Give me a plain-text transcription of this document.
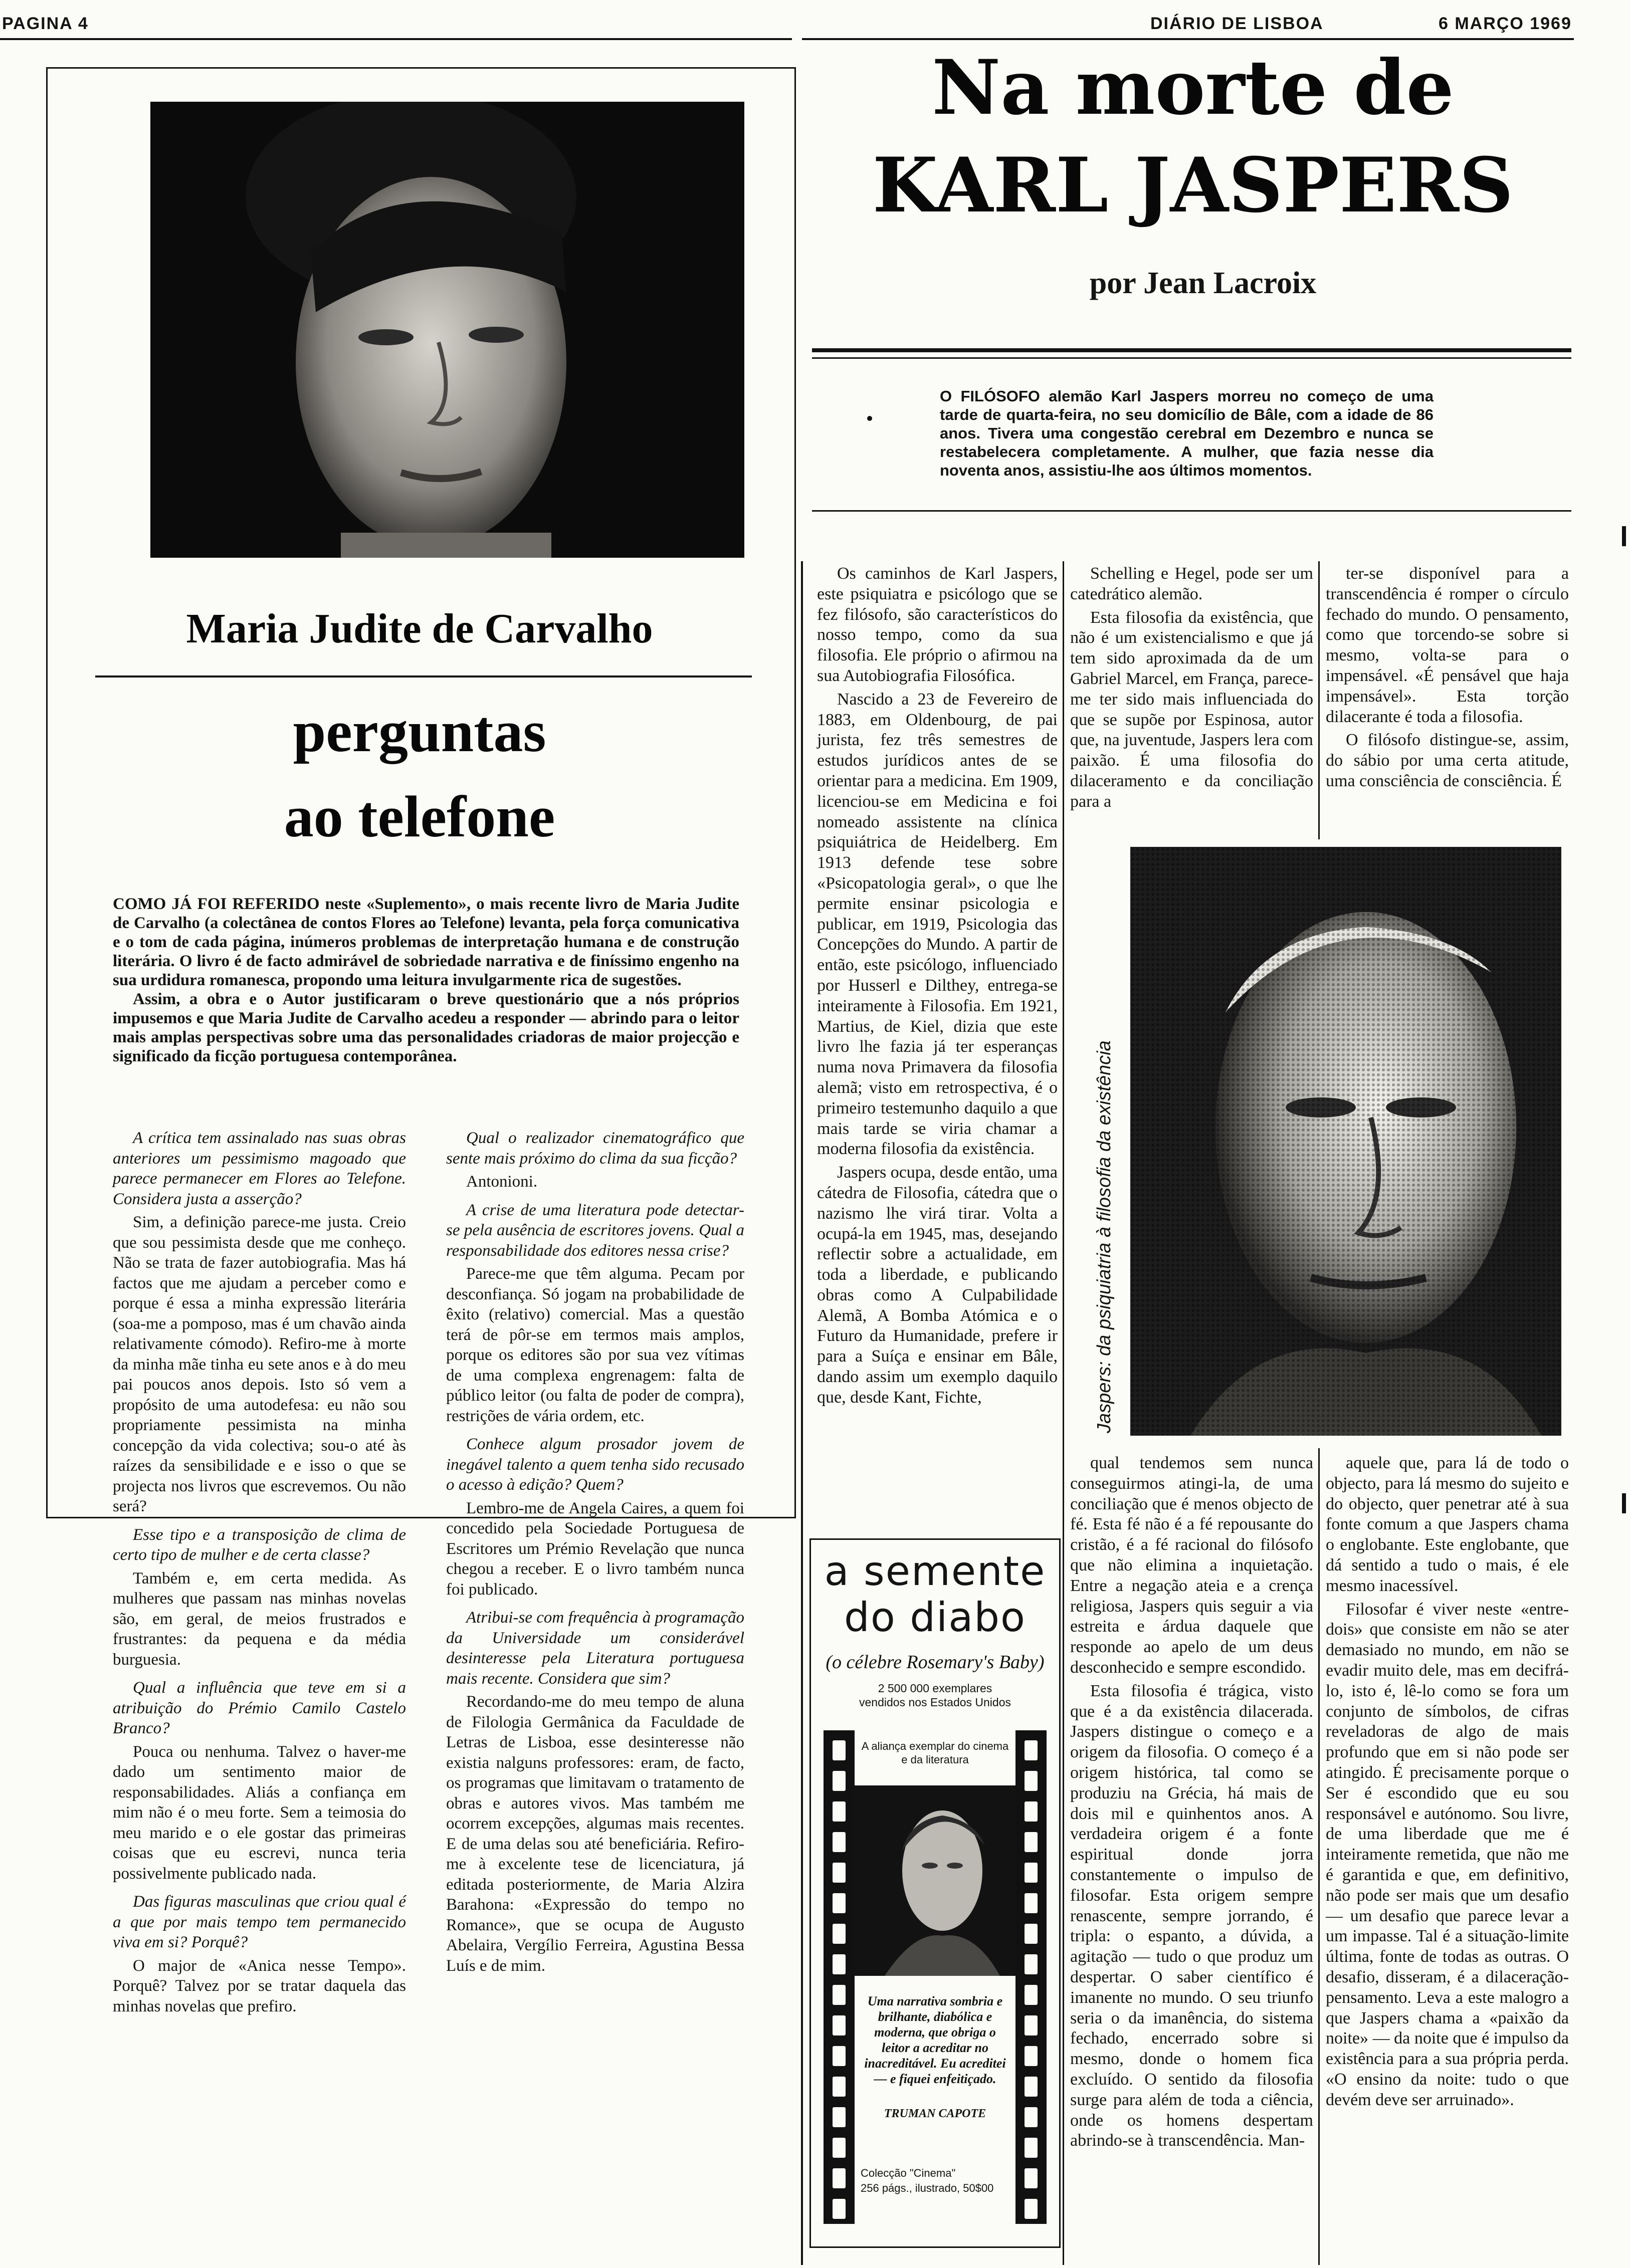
PAGINA 4	DIÁRIO DE LISBOA	6 MARÇO 1969
Maria Judite de Carvalho
perguntas
ao telefone

COMO JÁ FOI REFERIDO neste «Suplemento», o mais recente livro de Maria Judite de Carvalho (a colectânea de contos Flores ao Telefone) levanta, pela força comunicativa e o tom de cada página, inúmeros problemas de interpretação humana e de construção literária. O livro é de facto admirável de sobriedade narrativa e de finíssimo engenho na sua urdidura romanesca, propondo uma leitura invulgarmente rica de sugestões.

Assim, a obra e o Autor justificaram o breve questionário que a nós próprios impusemos e que Maria Judite de Carvalho acedeu a responder — abrindo para o leitor mais amplas perspectivas sobre uma das personalidades criadoras de maior projecção e significado da ficção portuguesa contemporânea.

A crítica tem assinalado nas suas obras anteriores um pessimismo magoado que parece permanecer em Flores ao Telefone. Considera justa a asserção?

Sim, a definição parece-me justa. Creio que sou pessimista desde que me conheço. Não se trata de fazer autobiografia. Mas há factos que me ajudam a perceber como e porque é essa a minha expressão literária (soa-me a pomposo, mas é um chavão ainda relativamente cómodo). Refiro-me à morte da minha mãe tinha eu sete anos e à do meu pai poucos anos depois. Isto só vem a propósito de uma autodefesa: eu não sou propriamente pessimista na minha concepção da vida colectiva; sou-o até às raízes da sensibilidade e e isso o que se projecta nos livros que escrevemos. Ou não será?

Esse tipo e a transposição de clima de certo tipo de mulher e de certa classe?

Também e, em certa medida. As mulheres que passam nas minhas novelas são, em geral, de meios frustrados e frustrantes: da pequena e da média burguesia.

Qual a influência que teve em si a atribuição do Prémio Camilo Castelo Branco?

Pouca ou nenhuma. Talvez o haver-me dado um sentimento maior de responsabilidades. Aliás a confiança em mim não é o meu forte. Sem a teimosia do meu marido e o ele gostar das primeiras coisas que eu escrevi, nunca teria possivelmente publicado nada.

Das figuras masculinas que criou qual é a que por mais tempo tem permanecido viva em si? Porquê?

O major de «Anica nesse Tempo». Porquê? Talvez por se tratar daquela das minhas novelas que prefiro.

Qual o realizador cinematográfico que sente mais próximo do clima da sua ficção?

Antonioni.

A crise de uma literatura pode detectar-se pela ausência de escritores jovens. Qual a responsabilidade dos editores nessa crise?

Parece-me que têm alguma. Pecam por desconfiança. Só jogam na probabilidade de êxito (relativo) comercial. Mas a questão terá de pôr-se em termos mais amplos, porque os editores são por sua vez vítimas de uma complexa engrenagem: falta de público leitor (ou falta de poder de compra), restrições de vária ordem, etc.

Conhece algum prosador jovem de inegável talento a quem tenha sido recusado o acesso à edição? Quem?

Lembro-me de Angela Caires, a quem foi concedido pela Sociedade Portuguesa de Escritores um Prémio Revelação que nunca chegou a receber. E o livro também nunca foi publicado.

Atribui-se com frequência à programação da Universidade um considerável desinteresse pela Literatura portuguesa mais recente. Considera que sim?

Recordando-me do meu tempo de aluna de Filologia Germânica da Faculdade de Letras de Lisboa, esse desinteresse não existia nalguns professores: eram, de facto, os programas que limitavam o tratamento de obras e autores vivos. Mas também me ocorrem excepções, algumas mais recentes. E de uma delas sou até beneficiária. Refiro-me à excelente tese de licenciatura, já editada posteriormente, de Maria Alzira Barahona: «Expressão do tempo no Romance», que se ocupa de Augusto Abelaira, Vergílio Ferreira, Agustina Bessa Luís e de mim.

Na morte de
KARL JASPERS
por Jean Lacroix
O FILÓSOFO alemão Karl Jaspers morreu no começo de uma tarde de quarta-feira, no seu domicílio de Bâle, com a idade de 86 anos. Tivera uma congestão cerebral em Dezembro e nunca se restabelecera completamente. A mulher, que fazia nesse dia noventa anos, assistiu-lhe aos últimos momentos.

Os caminhos de Karl Jaspers, este psiquiatra e psicólogo que se fez filósofo, são característicos do nosso tempo, como da sua filosofia. Ele próprio o afirmou na sua Autobiografia Filosófica.

Nascido a 23 de Fevereiro de 1883, em Oldenbourg, de pai jurista, fez três semestres de estudos jurídicos antes de se orientar para a medicina. Em 1909, licenciou-se em Medicina e foi nomeado assistente na clínica psiquiátrica de Heidelberg. Em 1913 defende tese sobre «Psicopatologia geral», o que lhe permite ensinar psicologia e publicar, em 1919, Psicologia das Concepções do Mundo. A partir de então, este psicólogo, influenciado por Husserl e Dilthey, entrega-se inteiramente à Filosofia. Em 1921, Martius, de Kiel, dizia que este livro lhe fazia já ter esperanças numa nova Primavera da filosofia alemã; visto em retrospectiva, é o primeiro testemunho daquilo a que mais tarde se viria chamar a moderna filosofia da existência.

Jaspers ocupa, desde então, uma cátedra de Filosofia, cátedra que o nazismo lhe virá tirar. Volta a ocupá-la em 1945, mas, desejando reflectir sobre a actualidade, em toda a liberdade, e publicando obras como A Culpabilidade Alemã, A Bomba Atómica e o Futuro da Humanidade, prefere ir para a Suíça e ensinar em Bâle, dando assim um exemplo daquilo que, desde Kant, Fichte,

Schelling e Hegel, pode ser um catedrático alemão.

Esta filosofia da existência, que não é um existencialismo e que já tem sido aproximada da de um Gabriel Marcel, em França, parece-me ter sido mais influenciada do que se supõe por Espinosa, autor que, na juventude, Jaspers lera com paixão. É uma filosofia do dilaceramento e da conciliação para a

ter-se disponível para a transcendência é romper o círculo fechado do mundo. O pensamento, como que torcendo-se sobre si mesmo, volta-se para o impensável. «É pensável que haja impensável». Esta torção dilacerante é toda a filosofia.

O filósofo distingue-se, assim, do sábio por uma certa atitude, uma consciência de consciência. É

Jaspers: da psiquiatria à filosofia da existência

qual tendemos sem nunca conseguirmos atingi-la, de uma conciliação que é menos objecto de fé. Esta fé não é a fé repousante do cristão, é a fé racional do filósofo que não elimina a inquietação. Entre a negação ateia e a crença religiosa, Jaspers quis seguir a via estreita e árdua daquele que responde ao apelo de um deus desconhecido e sempre escondido.

Esta filosofia é trágica, visto que é a da existência dilacerada. Jaspers distingue o começo e a origem da filosofia. O começo é a origem histórica, tal como se produziu na Grécia, há mais de dois mil e quinhentos anos. A verdadeira origem é a fonte espiritual donde jorra constantemente o impulso de filosofar. Esta origem sempre renascente, sempre jorrando, é tripla: o espanto, a dúvida, a agitação — tudo o que produz um despertar. O saber científico é imanente no mundo. O seu triunfo seria o da imanência, do sistema fechado, encerrado sobre si mesmo, donde o homem fica excluído. O sentido da filosofia surge para além de toda a ciência, onde os homens despertam abrindo-se à transcendência. Man-

aquele que, para lá de todo o objecto, para lá mesmo do sujeito e do objecto, quer penetrar até à sua fonte comum a que Jaspers chama o englobante. Este englobante, que dá sentido a tudo o mais, é ele mesmo inacessível.

Filosofar é viver neste «entre-dois» que consiste em não se ater demasiado no mundo, em não se evadir muito dele, mas em decifrá-lo, isto é, lê-lo como se fora um conjunto de símbolos, de cifras reveladoras de algo de mais profundo que em si não pode ser atingido. É precisamente porque o Ser é escondido que eu sou responsável e autónomo. Sou livre, de uma liberdade que me é inteiramente remetida, que não me é garantida e que, em definitivo, não pode ser mais que um desafio — um desafio que parece levar a um impasse. Tal é a situação-limite última, fonte de todas as outras. O desafio, disseram, é a dilaceração-pensamento. Leva a este malogro a que Jaspers chama a «paixão da noite» — da noite que é impulso da existência para a sua própria perda. «O ensino da noite: tudo o que devém deve ser arruinado».

a semente
do diabo
(o célebre Rosemary's Baby)
2 500 000 exemplares vendidos nos Estados Unidos
A aliança exemplar do cinema e da literatura
Uma narrativa sombria e brilhante, diabólica e moderna, que obriga o leitor a acreditar no inacreditável. Eu acreditei — e fiquei enfeitiçado.
TRUMAN CAPOTE
Colecção "Cinema"
256 págs., ilustrado, 50$00
